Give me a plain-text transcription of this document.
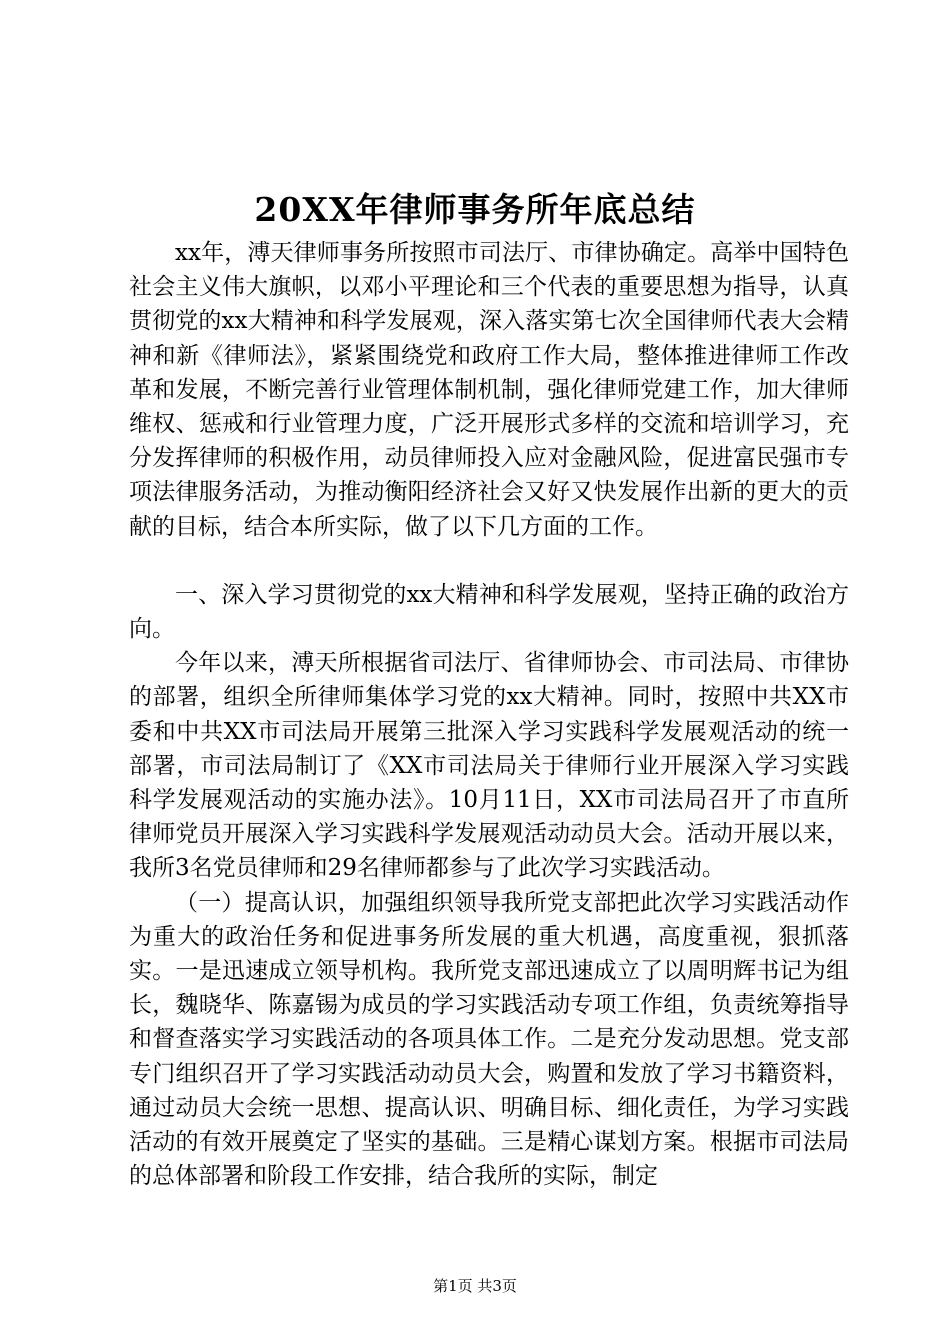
20XX年律师事务所年底总结

xx年，溥天律师事务所按照市司法厅、市律协确定。高举中国特色社会主义伟大旗帜，以邓小平理论和三个代表的重要思想为指导，认真贯彻党的xx大精神和科学发展观，深入落实第七次全国律师代表大会精神和新《律师法》，紧紧围绕党和政府工作大局，整体推进律师工作改革和发展，不断完善行业管理体制机制，强化律师党建工作，加大律师维权、惩戒和行业管理力度，广泛开展形式多样的交流和培训学习，充分发挥律师的积极作用，动员律师投入应对金融风险，促进富民强市专项法律服务活动，为推动衡阳经济社会又好又快发展作出新的更大的贡献的目标，结合本所实际，做了以下几方面的工作。

一、深入学习贯彻党的xx大精神和科学发展观，坚持正确的政治方向。

今年以来，溥天所根据省司法厅、省律师协会、市司法局、市律协的部署，组织全所律师集体学习党的xx大精神。同时，按照中共XX市委和中共XX市司法局开展第三批深入学习实践科学发展观活动的统一部署，市司法局制订了《XX市司法局关于律师行业开展深入学习实践科学发展观活动的实施办法》。10月11日，XX市司法局召开了市直所律师党员开展深入学习实践科学发展观活动动员大会。活动开展以来，我所3名党员律师和29名律师都参与了此次学习实践活动。

（一）提高认识，加强组织领导我所党支部把此次学习实践活动作为重大的政治任务和促进事务所发展的重大机遇，高度重视，狠抓落实。一是迅速成立领导机构。我所党支部迅速成立了以周明辉书记为组长，魏晓华、陈嘉锡为成员的学习实践活动专项工作组，负责统筹指导和督查落实学习实践活动的各项具体工作。二是充分发动思想。党支部专门组织召开了学习实践活动动员大会，购置和发放了学习书籍资料，通过动员大会统一思想、提高认识、明确目标、细化责任，为学习实践活动的有效开展奠定了坚实的基础。三是精心谋划方案。根据市司法局的总体部署和阶段工作安排，结合我所的实际，制定

第1页 共3页
